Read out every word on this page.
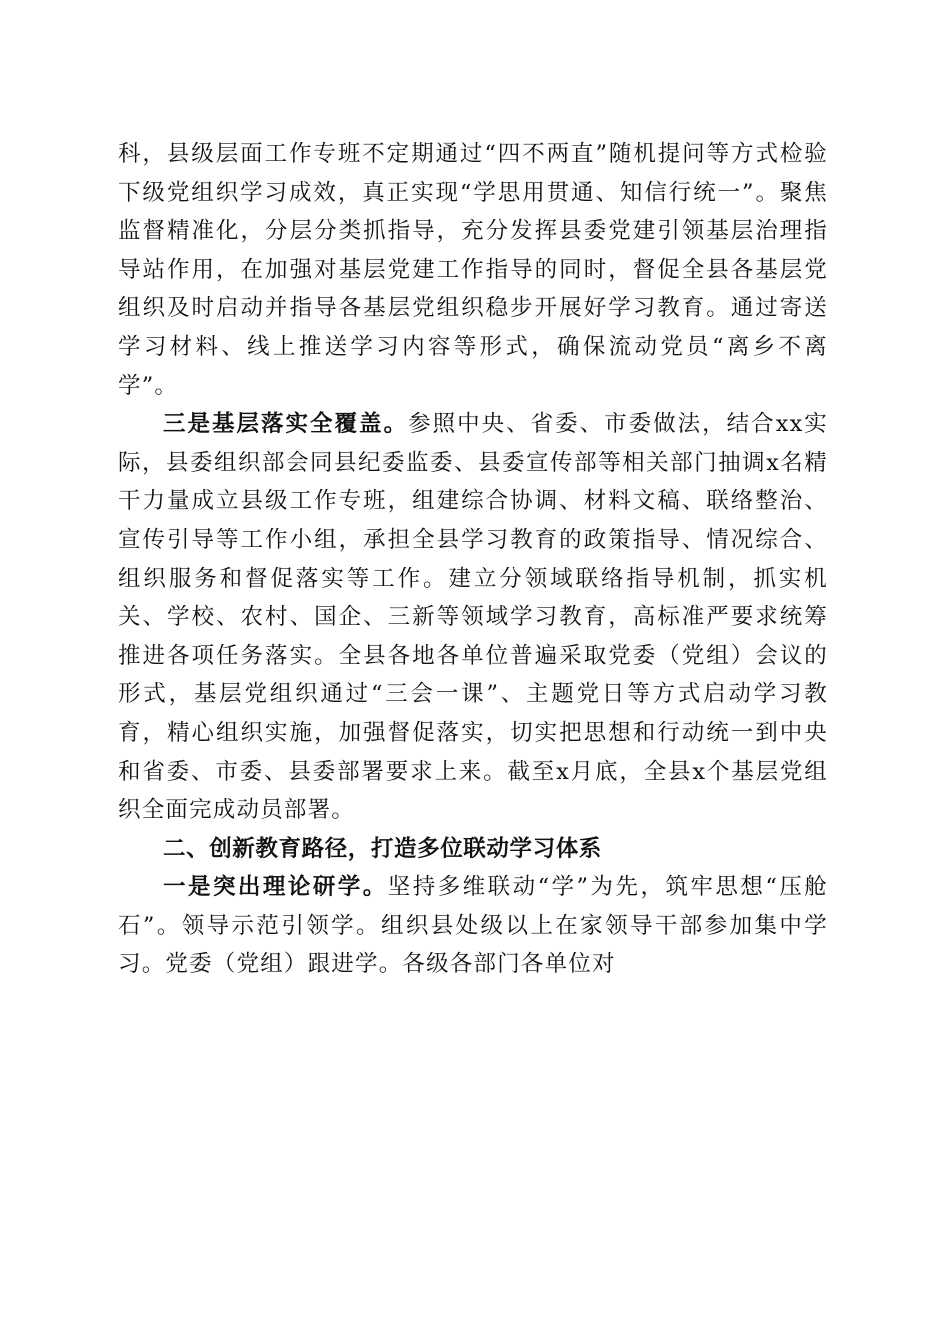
科，县级层面工作专班不定期通过“四不两直”随机提问等方式检验下级党组织学习成效，真正实现“学思用贯通、知信行统一”。聚焦监督精准化，分层分类抓指导，充分发挥县委党建引领基层治理指导站作用，在加强对基层党建工作指导的同时，督促全县各基层党组织及时启动并指导各基层党组织稳步开展好学习教育。通过寄送学习材料、线上推送学习内容等形式，确保流动党员“离乡不离学”。

三是基层落实全覆盖。参照中央、省委、市委做法，结合xx实际，县委组织部会同县纪委监委、县委宣传部等相关部门抽调x名精干力量成立县级工作专班，组建综合协调、材料文稿、联络整治、宣传引导等工作小组，承担全县学习教育的政策指导、情况综合、组织服务和督促落实等工作。建立分领域联络指导机制，抓实机关、学校、农村、国企、三新等领域学习教育，高标准严要求统筹推进各项任务落实。全县各地各单位普遍采取党委（党组）会议的形式，基层党组织通过“三会一课”、主题党日等方式启动学习教育，精心组织实施，加强督促落实，切实把思想和行动统一到中央和省委、市委、县委部署要求上来。截至x月底，全县x个基层党组织全面完成动员部署。

二、创新教育路径，打造多位联动学习体系

一是突出理论研学。坚持多维联动“学”为先，筑牢思想“压舱石”。领导示范引领学。组织县处级以上在家领导干部参加集中学习。党委（党组）跟进学。各级各部门各单位对
